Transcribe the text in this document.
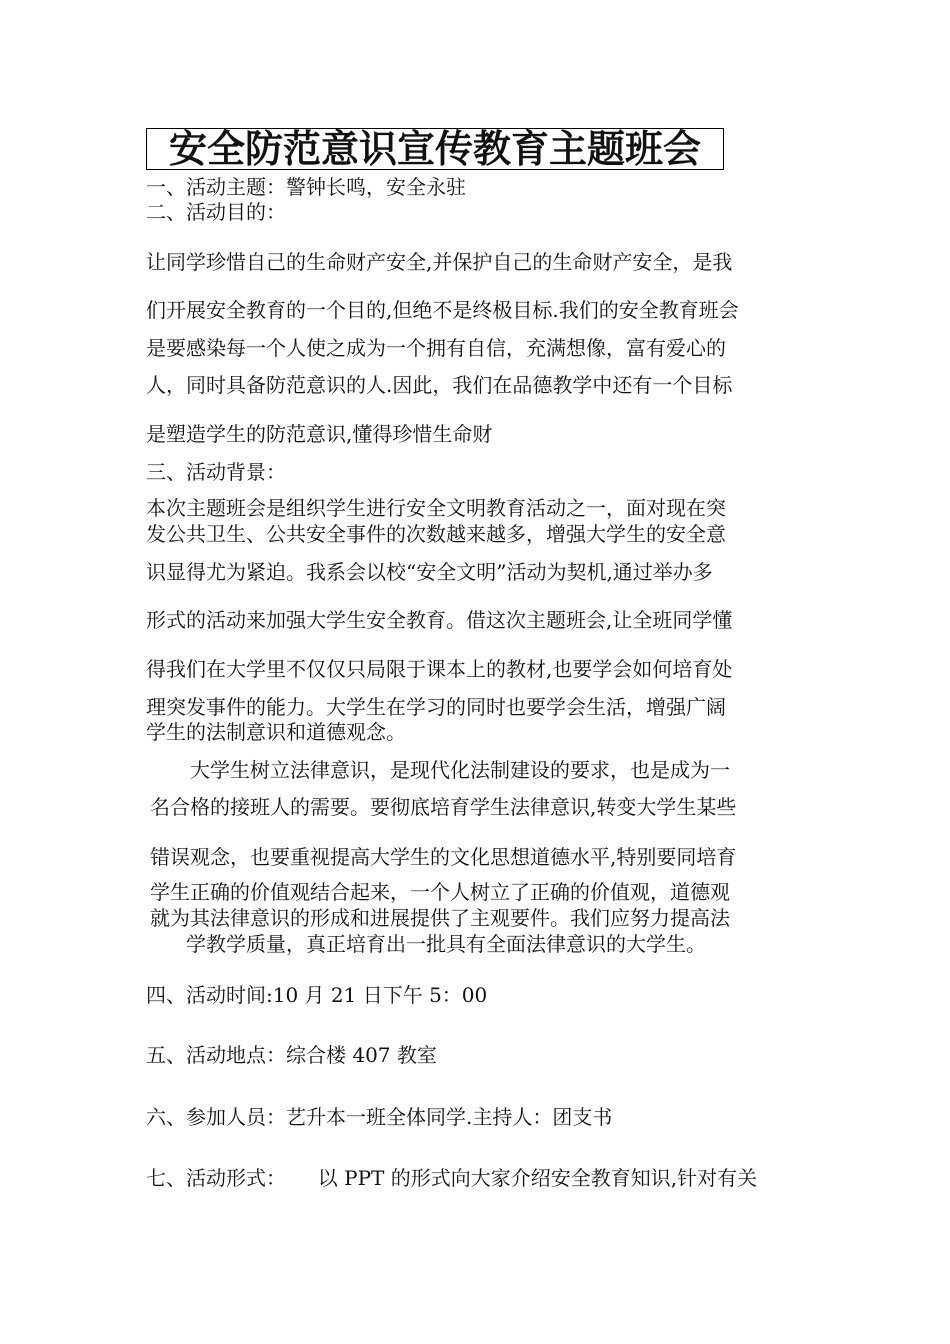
安全防范意识宣传教育主题班会
一、活动主题：警钟长鸣，安全永驻
二、活动目的：
让同学珍惜自己的生命财产安全,并保护自己的生命财产安全，是我
们开展安全教育的一个目的,但绝不是终极目标.我们的安全教育班会
是要感染每一个人使之成为一个拥有自信，充满想像，富有爱心的
人，同时具备防范意识的人.因此，我们在品德教学中还有一个目标
是塑造学生的防范意识,懂得珍惜生命财
三、活动背景：
本次主题班会是组织学生进行安全文明教育活动之一，面对现在突
发公共卫生、公共安全事件的次数越来越多，增强大学生的安全意
识显得尤为紧迫。我系会以校“安全文明”活动为契机,通过举办多
形式的活动来加强大学生安全教育。借这次主题班会,让全班同学懂
得我们在大学里不仅仅只局限于课本上的教材,也要学会如何培育处
理突发事件的能力。大学生在学习的同时也要学会生活，增强广阔
学生的法制意识和道德观念。
大学生树立法律意识，是现代化法制建设的要求，也是成为一
名合格的接班人的需要。要彻底培育学生法律意识,转变大学生某些
错误观念，也要重视提高大学生的文化思想道德水平,特别要同培育
学生正确的价值观结合起来，一个人树立了正确的价值观，道德观
就为其法律意识的形成和进展提供了主观要件。我们应努力提高法
学教学质量，真正培育出一批具有全面法律意识的大学生。
四、活动时间:10 月 21 日下午 5：00
五、活动地点：综合楼 407 教室
六、参加人员：艺升本一班全体同学.主持人：团支书
七、活动形式：     以 PPT 的形式向大家介绍安全教育知识,针对有关
